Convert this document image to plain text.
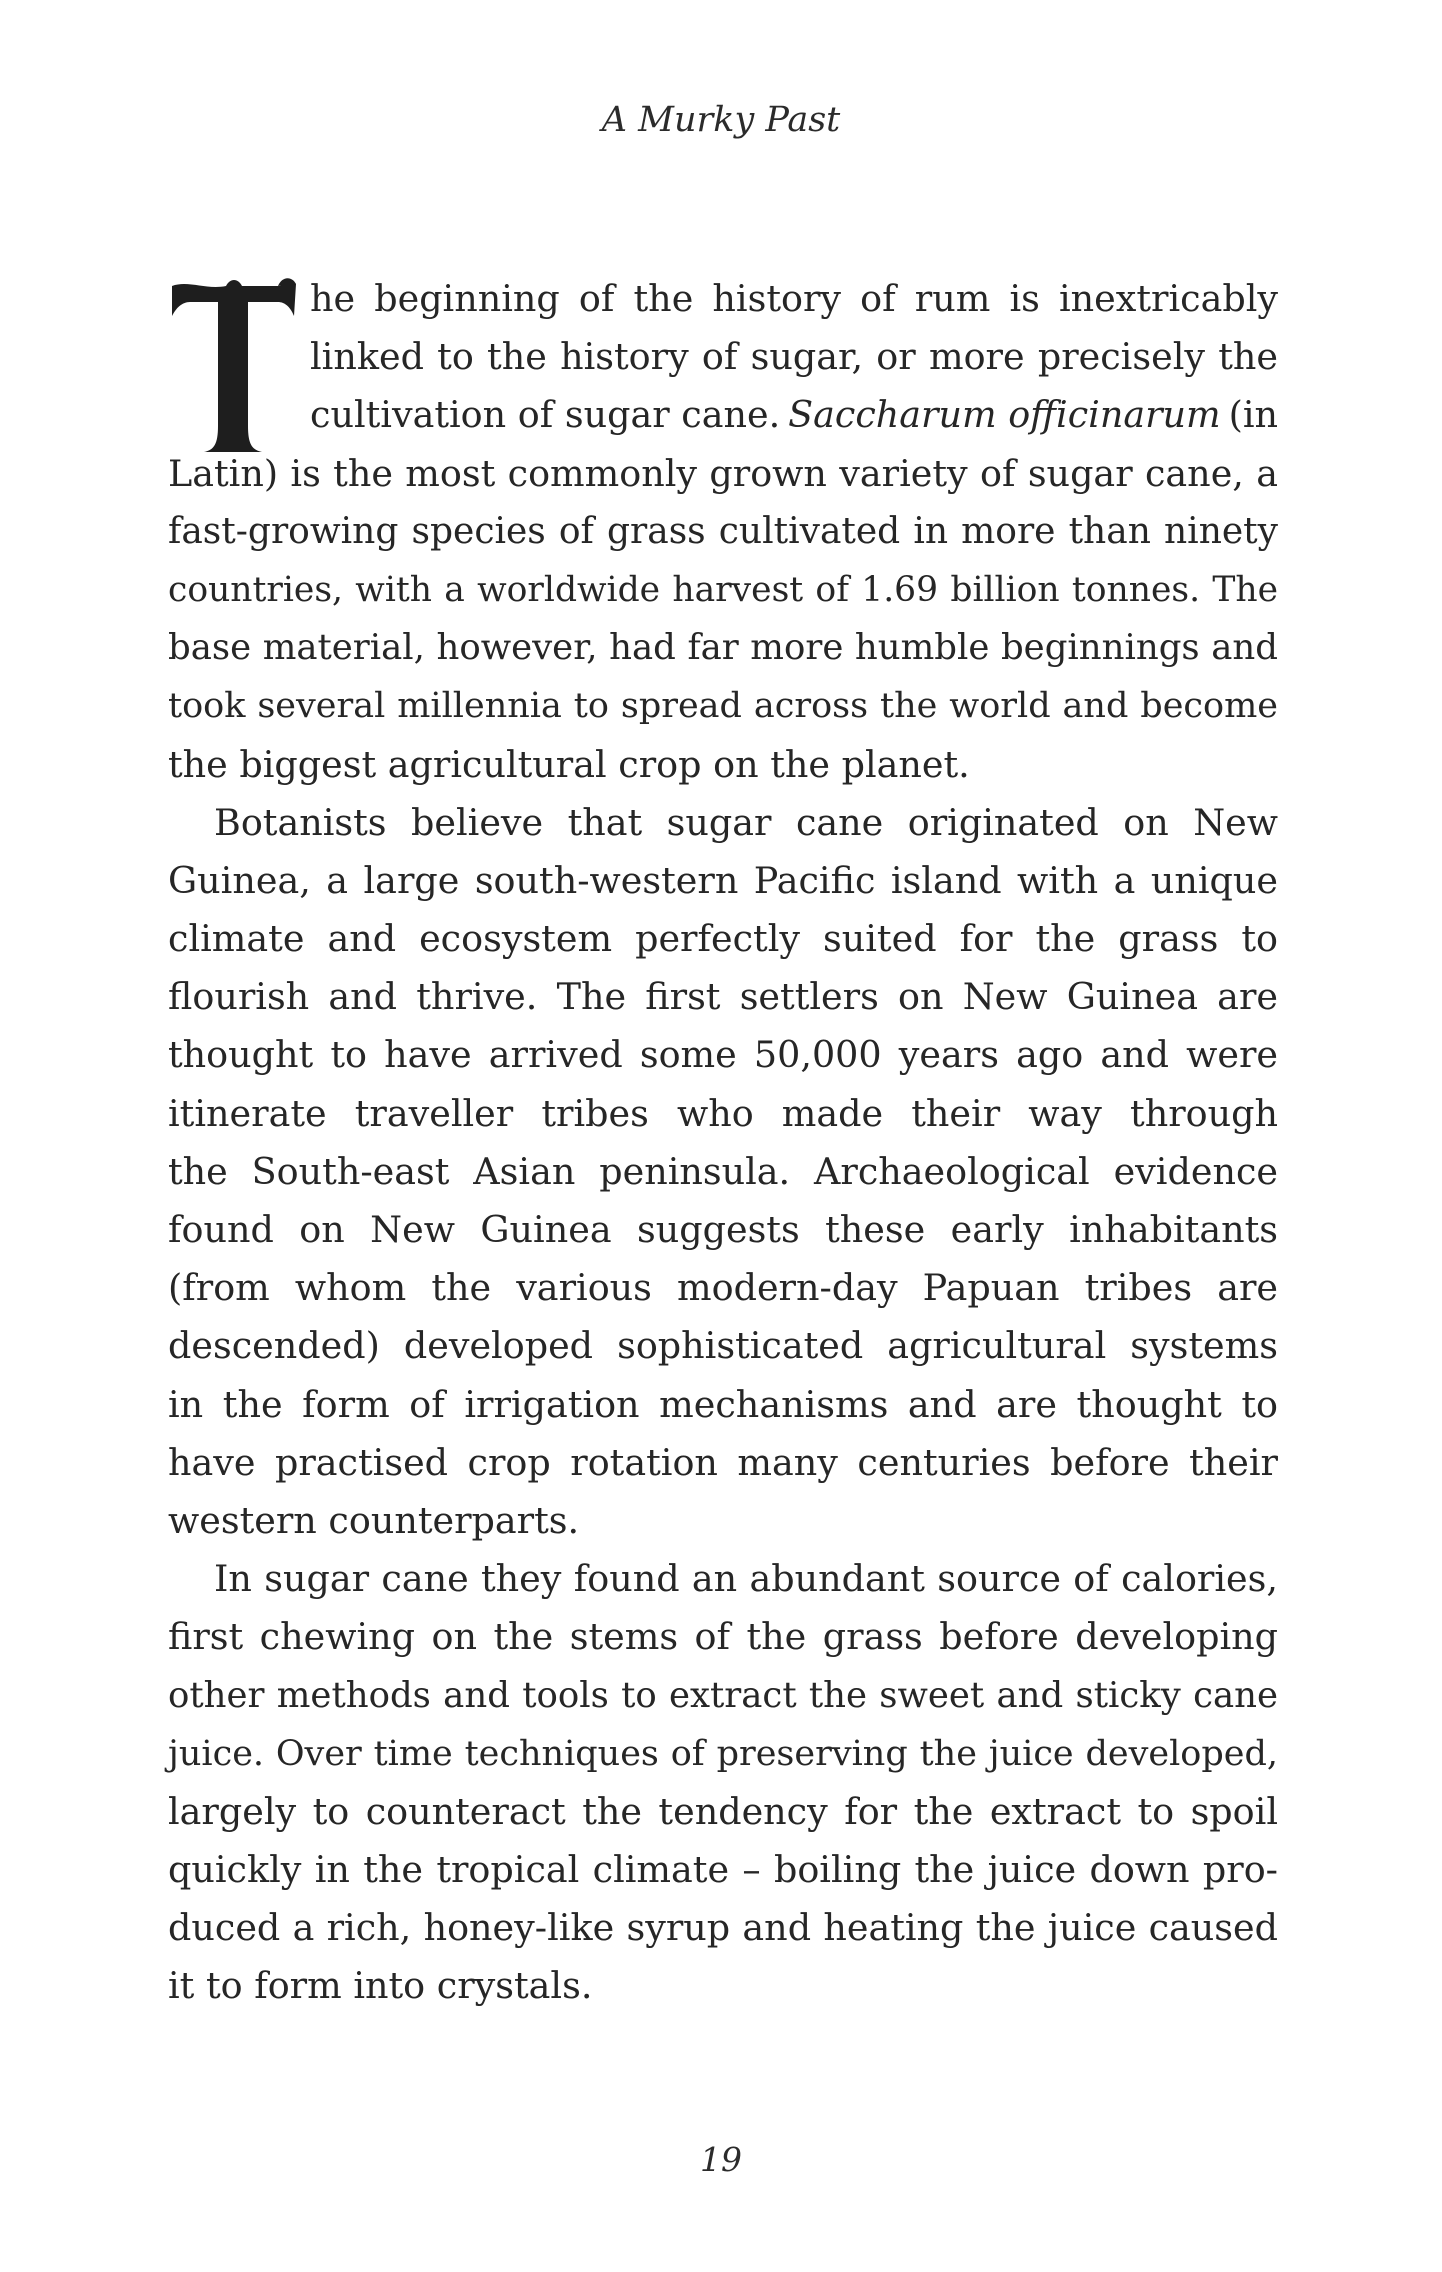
A Murky Past
he beginning of the history of rum is inextricably
linked to the history of sugar, or more precisely the
cultivation of sugar cane. Saccharum officinarum (in
Latin) is the most commonly grown variety of sugar cane, a
fast-growing species of grass cultivated in more than ninety
countries, with a worldwide harvest of 1.69 billion tonnes. The
base material, however, had far more humble beginnings and
took several millennia to spread across the world and become
the biggest agricultural crop on the planet.
Botanists believe that sugar cane originated on New
Guinea, a large south-western Pacific island with a unique
climate and ecosystem perfectly suited for the grass to
flourish and thrive. The first settlers on New Guinea are
thought to have arrived some 50,000 years ago and were
itinerate traveller tribes who made their way through
the South-east Asian peninsula. Archaeological evidence
found on New Guinea suggests these early inhabitants
(from whom the various modern-day Papuan tribes are
descended) developed sophisticated agricultural systems
in the form of irrigation mechanisms and are thought to
have practised crop rotation many centuries before their
western counterparts.
In sugar cane they found an abundant source of calories,
first chewing on the stems of the grass before developing
other methods and tools to extract the sweet and sticky cane
juice. Over time techniques of preserving the juice developed,
largely to counteract the tendency for the extract to spoil
quickly in the tropical climate – boiling the juice down pro-
duced a rich, honey-like syrup and heating the juice caused
it to form into crystals.
19
